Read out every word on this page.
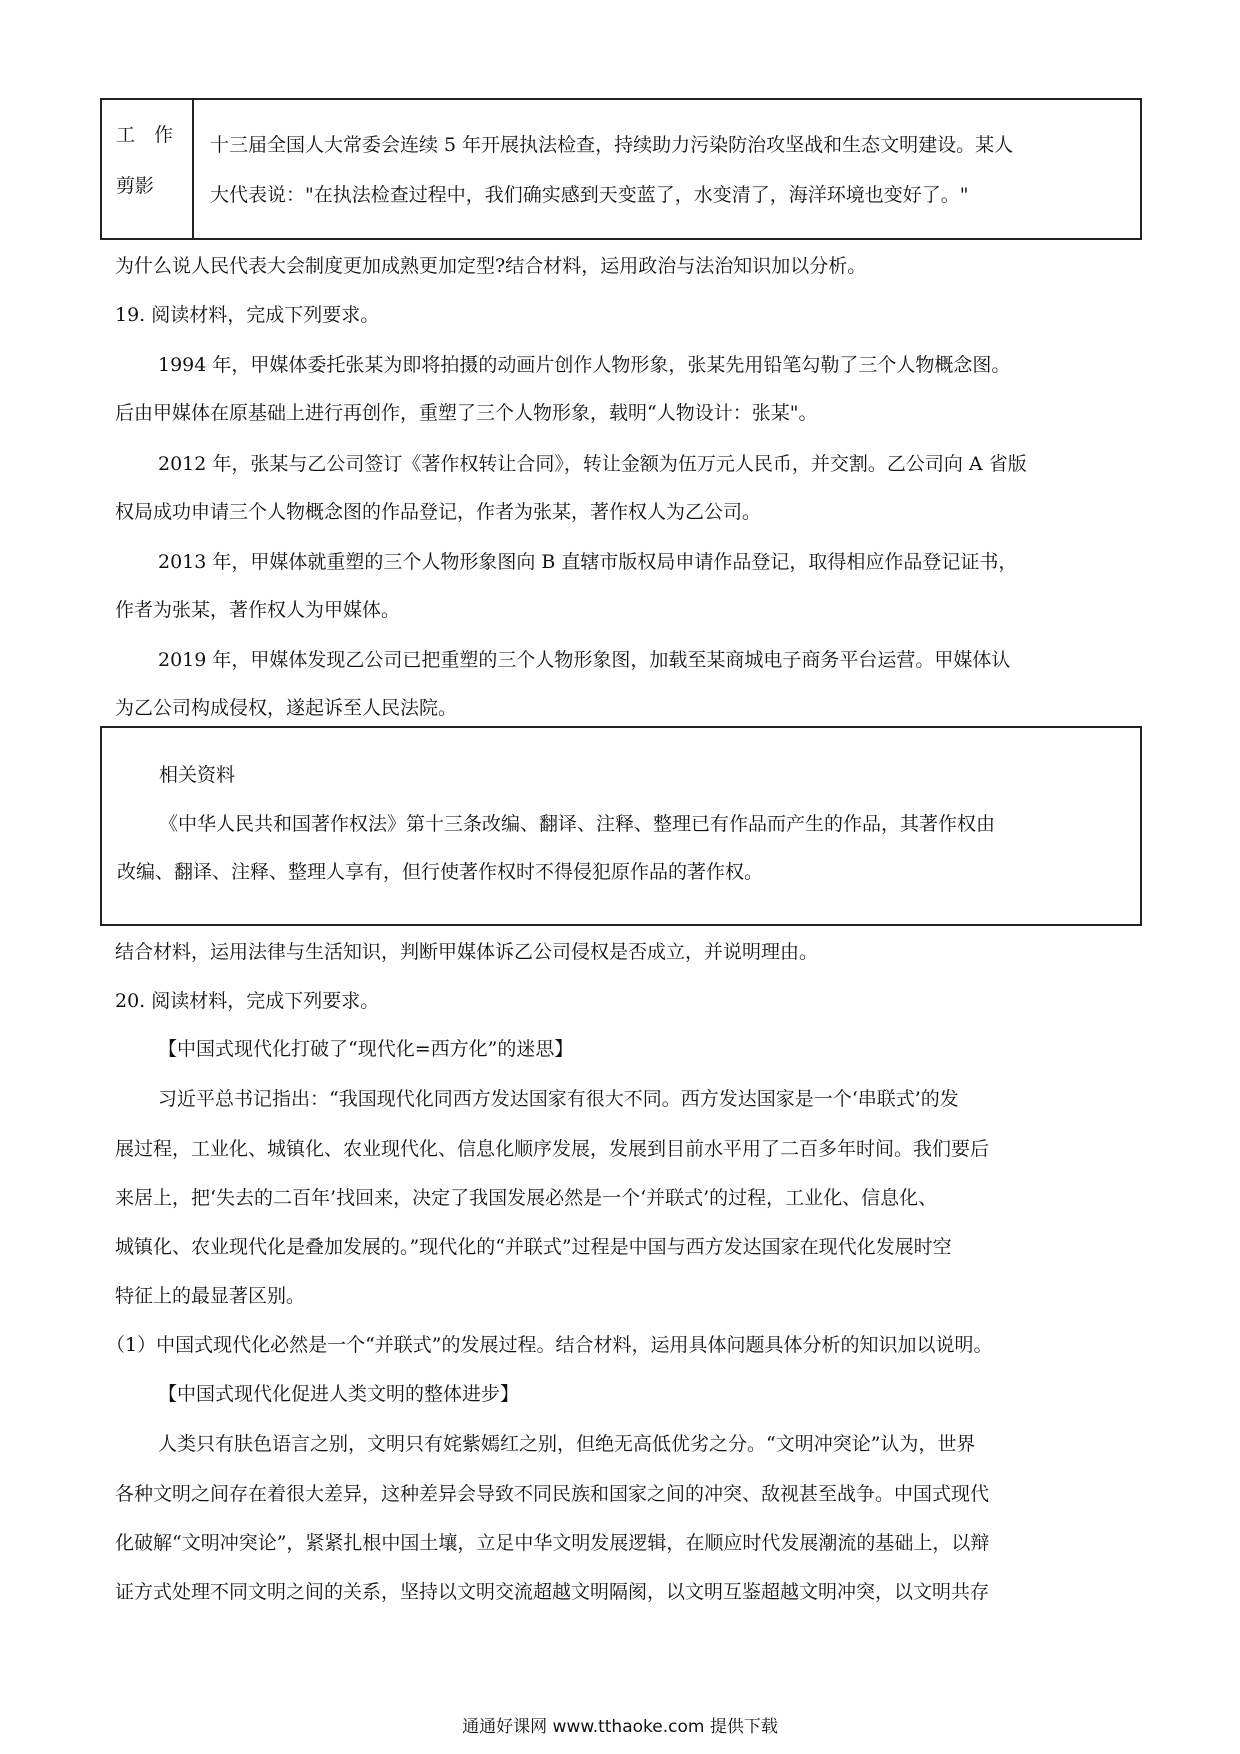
工　作
剪影
十三届全国人大常委会连续 5 年开展执法检查，持续助力污染防治攻坚战和生态文明建设。某人
大代表说："在执法检查过程中，我们确实感到天变蓝了，水变清了，海洋环境也变好了。"
为什么说人民代表大会制度更加成熟更加定型?结合材料，运用政治与法治知识加以分析。
19. 阅读材料，完成下列要求。
1994 年，甲媒体委托张某为即将拍摄的动画片创作人物形象，张某先用铅笔勾勒了三个人物概念图。
后由甲媒体在原基础上进行再创作，重塑了三个人物形象，载明“人物设计：张某"。
2012 年，张某与乙公司签订《著作权转让合同》，转让金额为伍万元人民币，并交割。乙公司向 A 省版
权局成功申请三个人物概念图的作品登记，作者为张某，著作权人为乙公司。
2013 年，甲媒体就重塑的三个人物形象图向 B 直辖市版权局申请作品登记，取得相应作品登记证书，
作者为张某，著作权人为甲媒体。
2019 年，甲媒体发现乙公司已把重塑的三个人物形象图，加载至某商城电子商务平台运营。甲媒体认
为乙公司构成侵权，遂起诉至人民法院。
相关资料
《中华人民共和国著作权法》第十三条改编、翻译、注释、整理已有作品而产生的作品，其著作权由
改编、翻译、注释、整理人享有，但行使著作权时不得侵犯原作品的著作权。
结合材料，运用法律与生活知识，判断甲媒体诉乙公司侵权是否成立，并说明理由。
20. 阅读材料，完成下列要求。
【中国式现代化打破了“现代化=西方化”的迷思】
习近平总书记指出：“我国现代化同西方发达国家有很大不同。西方发达国家是一个‘串联式’的发
展过程，工业化、城镇化、农业现代化、信息化顺序发展，发展到目前水平用了二百多年时间。我们要后
来居上，把‘失去的二百年’找回来，决定了我国发展必然是一个‘并联式’的过程，工业化、信息化、
城镇化、农业现代化是叠加发展的。”现代化的“并联式”过程是中国与西方发达国家在现代化发展时空
特征上的最显著区别。
（1）中国式现代化必然是一个“并联式”的发展过程。结合材料，运用具体问题具体分析的知识加以说明。
【中国式现代化促进人类文明的整体进步】
人类只有肤色语言之别，文明只有姹紫嫣红之别，但绝无高低优劣之分。“文明冲突论”认为，世界
各种文明之间存在着很大差异，这种差异会导致不同民族和国家之间的冲突、敌视甚至战争。中国式现代
化破解“文明冲突论”，紧紧扎根中国土壤，立足中华文明发展逻辑，在顺应时代发展潮流的基础上，以辩
证方式处理不同文明之间的关系，坚持以文明交流超越文明隔阂，以文明互鉴超越文明冲突，以文明共存
通通好课网 www.tthaoke.com 提供下载
